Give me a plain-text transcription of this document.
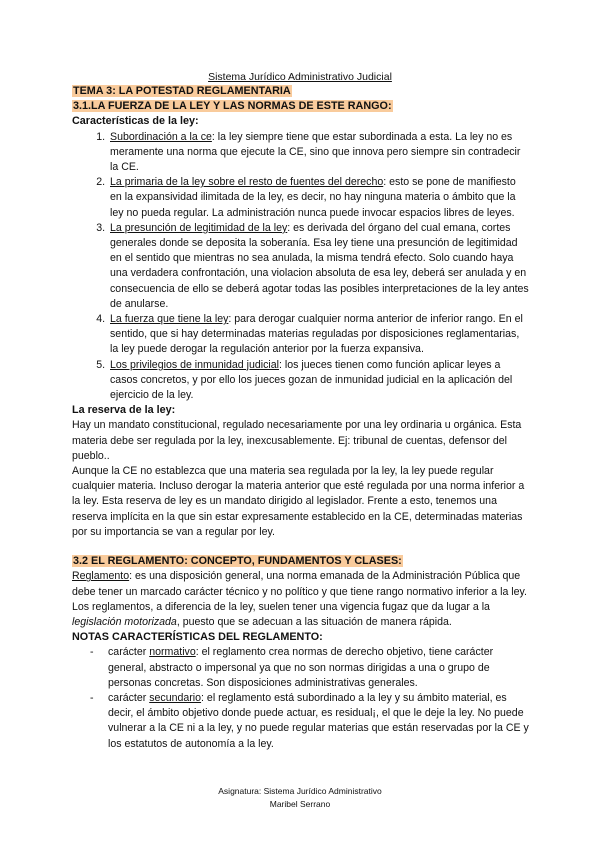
Sistema Jurídico Administrativo Judicial

TEMA 3: LA POTESTAD REGLAMENTARIA

3.1.LA FUERZA DE LA LEY Y LAS NORMAS DE ESTE RANGO:

Características de la ley:
1. Subordinación a la ce: la ley siempre tiene que estar subordinada a esta. La ley no es meramente una norma que ejecute la CE, sino que innova pero siempre sin contradecir la CE.
2. La primaria de la ley sobre el resto de fuentes del derecho: esto se pone de manifiesto en la expansividad ilimitada de la ley, es decir, no hay ninguna materia o ámbito que la ley no pueda regular. La administración nunca puede invocar espacios libres de leyes.
3. La presunción de legitimidad de la ley: es derivada del órgano del cual emana, cortes generales donde se deposita la soberanía. Esa ley tiene una presunción de legitimidad en el sentido que mientras no sea anulada, la misma tendrá efecto. Solo cuando haya una verdadera confrontación, una violacion absoluta de esa ley, deberá ser anulada y en consecuencia de ello se deberá agotar todas las posibles interpretaciones de la ley antes de anularse.
4. La fuerza que tiene la ley: para derogar cualquier norma anterior de inferior rango. En el sentido, que si hay determinadas materias reguladas por disposiciones reglamentarias, la ley puede derogar la regulación anterior por la fuerza expansiva.
5. Los privilegios de inmunidad judicial: los jueces tienen como función aplicar leyes a casos concretos, y por ello los jueces gozan de inmunidad judicial en la aplicación del ejercicio de la ley.
La reserva de la ley:

Hay un mandato constitucional, regulado necesariamente por una ley ordinaria u orgánica. Esta materia debe ser regulada por la ley, inexcusablemente. Ej: tribunal de cuentas, defensor del pueblo..

Aunque la CE no establezca que una materia sea regulada por la ley, la ley puede regular cualquier materia. Incluso derogar la materia anterior que esté regulada por una norma inferior a la ley. Esta reserva de ley es un mandato dirigido al legislador. Frente a esto, tenemos una reserva implícita en la que sin estar expresamente establecido en la CE, determinadas materias por su importancia se van a regular por ley.

3.2 EL REGLAMENTO: CONCEPTO, FUNDAMENTOS Y CLASES:

Reglamento: es una disposición general, una norma emanada de la Administración Pública que debe tener un marcado carácter técnico y no político y que tiene rango normativo inferior a la ley. Los reglamentos, a diferencia de la ley, suelen tener una vigencia fugaz que da lugar a la legislación motorizada, puesto que se adecuan a las situación de manera rápida.

NOTAS CARACTERÍSTICAS DEL REGLAMENTO:
- carácter normativo: el reglamento crea normas de derecho objetivo, tiene carácter general, abstracto o impersonal ya que no son normas dirigidas a una o grupo de personas concretas. Son disposiciones administrativas generales.
- carácter secundario: el reglamento está subordinado a la ley y su ámbito material, es decir, el ámbito objetivo donde puede actuar, es residual¡, el que le deje la ley. No puede vulnerar a la CE ni a la ley, y no puede regular materias que están reservadas por la CE y los estatutos de autonomía a la ley.
Asignatura: Sistema Jurídico Administrativo
Maribel Serrano
